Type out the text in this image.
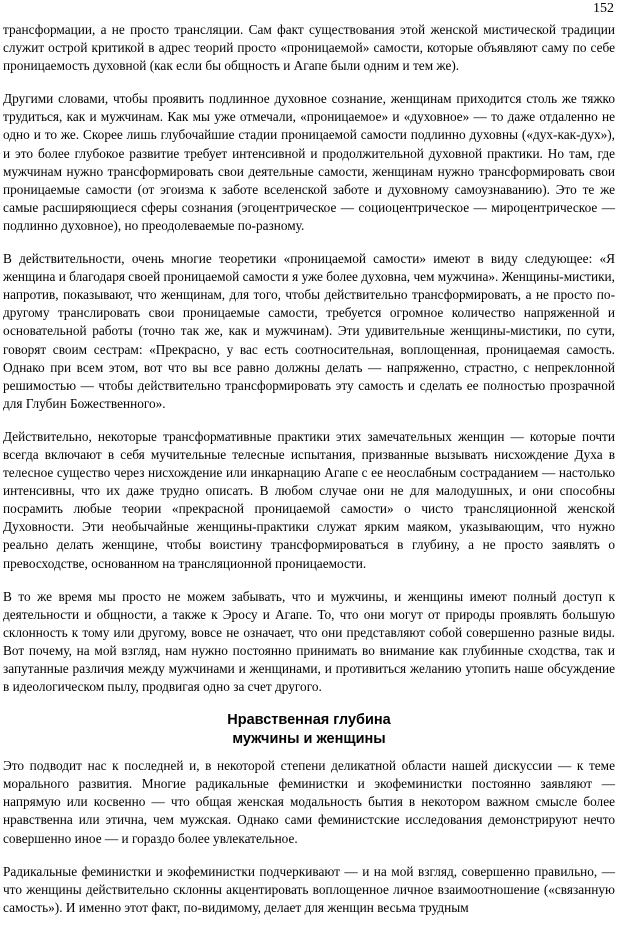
152

трансформации, а не просто трансляции. Сам факт существования этой женской мистической традиции служит острой критикой в адрес теорий просто «проницаемой» самости, которые объявляют саму по себе проницаемость духовной (как если бы общность и Агапе были одним и тем же).

Другими словами, чтобы проявить подлинное духовное сознание, женщинам приходится столь же тяжко трудиться, как и мужчинам. Как мы уже отмечали, «проницаемое» и «духовное» — то даже отдаленно не одно и то же. Скорее лишь глубочайшие стадии проницаемой самости подлинно духовны («дух-как-дух»), и это более глубокое развитие требует интенсивной и продолжительной духовной практики. Но там, где мужчинам нужно трансформировать свои деятельные самости, женщинам нужно трансформировать свои проницаемые самости (от эгоизма к заботе вселенской заботе и духовному самоузнаванию). Это те же самые расширяющиеся сферы сознания (эгоцентрическое — социоцентрическое — мироцентрическое — подлинно духовное), но преодолеваемые по-разному.

В действительности, очень многие теоретики «проницаемой самости» имеют в виду следующее: «Я женщина и благодаря своей проницаемой самости я уже более духовна, чем мужчина». Женщины-мистики, напротив, показывают, что женщинам, для того, чтобы действительно трансформировать, а не просто по-другому транслировать свои проницаемые самости, требуется огромное количество напряженной и основательной работы (точно так же, как и мужчинам). Эти удивительные женщины-мистики, по сути, говорят своим сестрам: «Прекрасно, у вас есть соотносительная, воплощенная, проницаемая самость. Однако при всем этом, вот что вы все равно должны делать — напряженно, страстно, с непреклонной решимостью — чтобы действительно трансформировать эту самость и сделать ее полностью прозрачной для Глубин Божественного».

Действительно, некоторые трансформативные практики этих замечательных женщин — которые почти всегда включают в себя мучительные телесные испытания, призванные вызывать нисхождение Духа в телесное существо через нисхождение или инкарнацию Агапе с ее неослабным состраданием — настолько интенсивны, что их даже трудно описать. В любом случае они не для малодушных, и они способны посрамить любые теории «прекрасной проницаемой самости» о чисто трансляционной женской Духовности. Эти необычайные женщины-практики служат ярким маяком, указывающим, что нужно реально делать женщине, чтобы воистину трансформироваться в глубину, а не просто заявлять о превосходстве, основанном на трансляционной проницаемости.

В то же время мы просто не можем забывать, что и мужчины, и женщины имеют полный доступ к деятельности и общности, а также к Эросу и Агапе. То, что они могут от природы проявлять большую склонность к тому или другому, вовсе не означает, что они представляют собой совершенно разные виды. Вот почему, на мой взгляд, нам нужно постоянно принимать во внимание как глубинные сходства, так и запутанные различия между мужчинами и женщинами, и противиться желанию утопить наше обсуждение в идеологическом пылу, продвигая одно за счет другого.

Нравственная глубина
мужчины и женщины

Это подводит нас к последней и, в некоторой степени деликатной области нашей дискуссии — к теме морального развития. Многие радикальные феминистки и экофеминистки постоянно заявляют — напрямую или косвенно — что общая женская модальность бытия в некотором важном смысле более нравственна или этична, чем мужская. Однако сами феминистские исследования демонстрируют нечто совершенно иное — и гораздо более увлекательное.

Радикальные феминистки и экофеминистки подчеркивают — и на мой взгляд, совершенно правильно, — что женщины действительно склонны акцентировать воплощенное личное взаимоотношение («связанную самость»). И именно этот факт, по-видимому, делает для женщин весьма трудным
